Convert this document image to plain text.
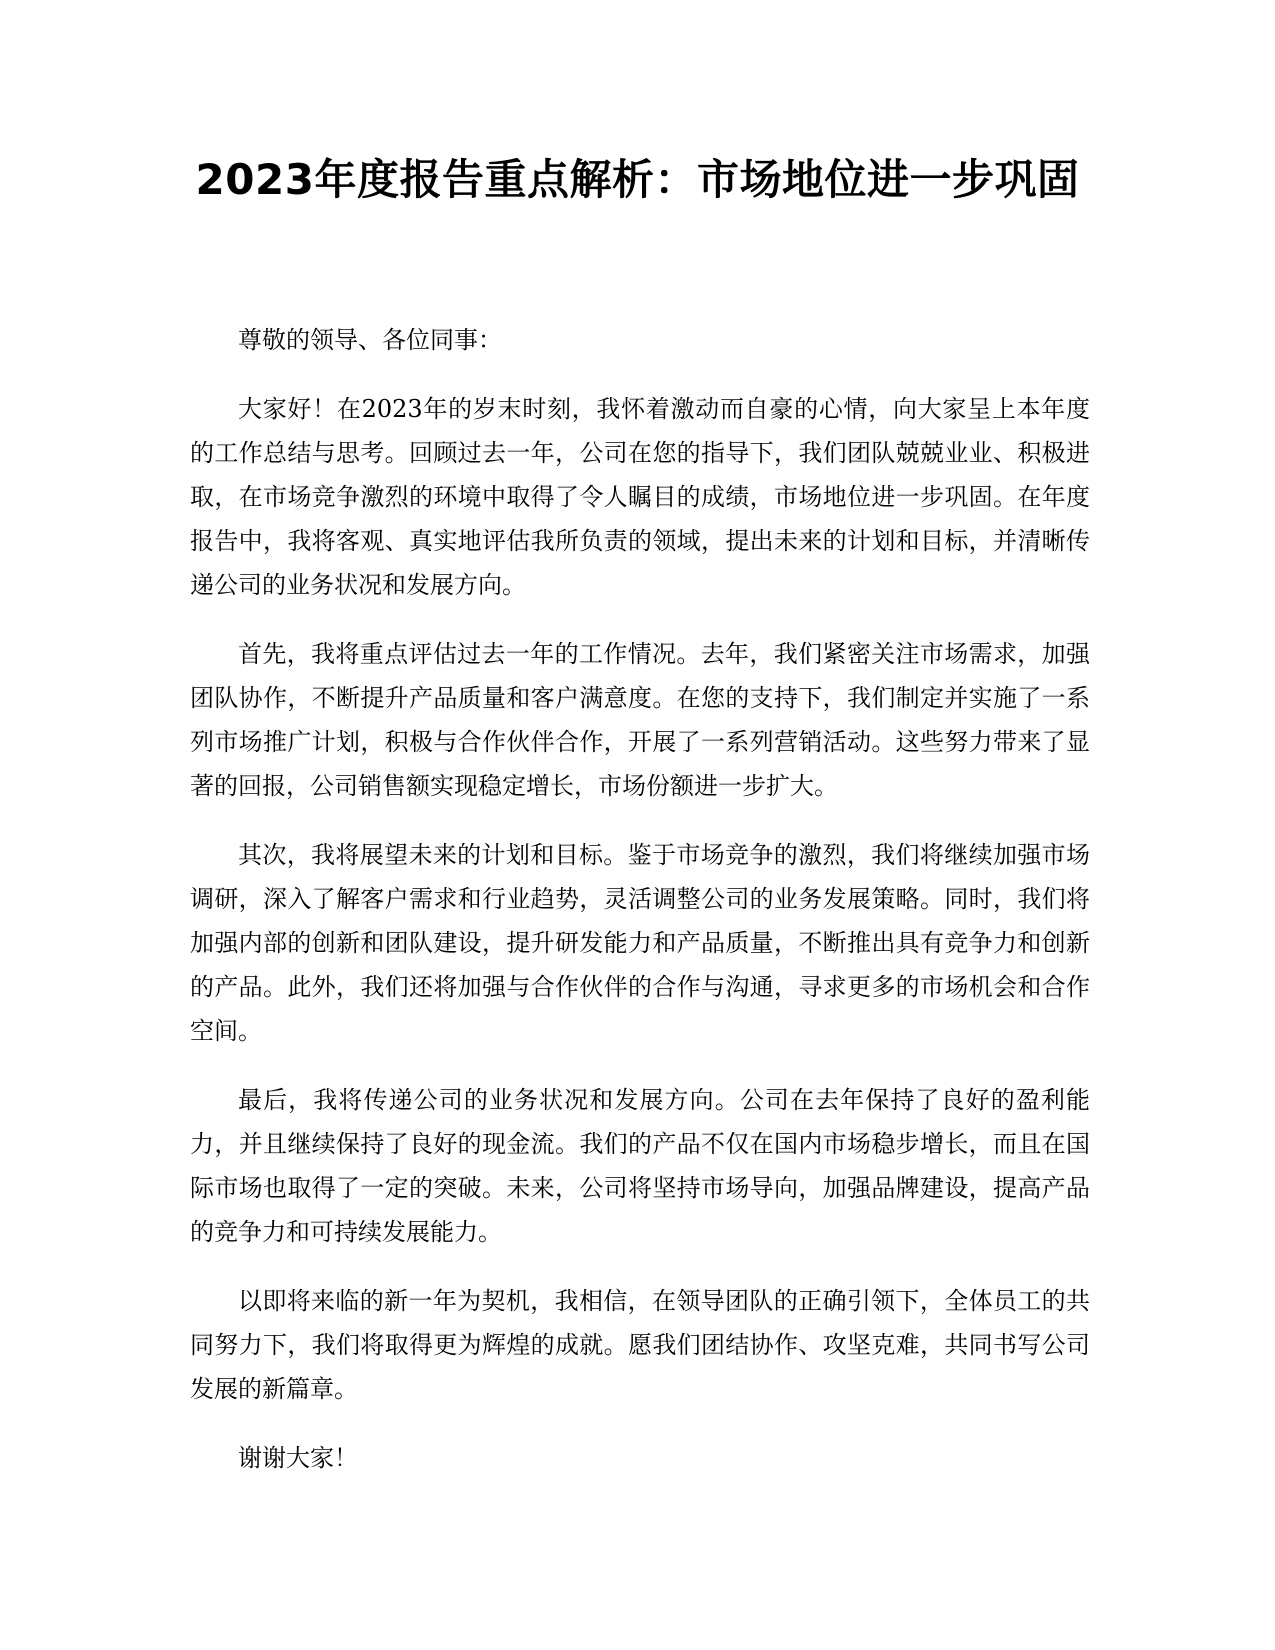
2023年度报告重点解析：市场地位进一步巩固

尊敬的领导、各位同事：

大家好！在2023年的岁末时刻，我怀着激动而自豪的心情，向大家呈上本年度的工作总结与思考。回顾过去一年，公司在您的指导下，我们团队兢兢业业、积极进取，在市场竞争激烈的环境中取得了令人瞩目的成绩，市场地位进一步巩固。在年度报告中，我将客观、真实地评估我所负责的领域，提出未来的计划和目标，并清晰传递公司的业务状况和发展方向。

首先，我将重点评估过去一年的工作情况。去年，我们紧密关注市场需求，加强团队协作，不断提升产品质量和客户满意度。在您的支持下，我们制定并实施了一系列市场推广计划，积极与合作伙伴合作，开展了一系列营销活动。这些努力带来了显著的回报，公司销售额实现稳定增长，市场份额进一步扩大。

其次，我将展望未来的计划和目标。鉴于市场竞争的激烈，我们将继续加强市场调研，深入了解客户需求和行业趋势，灵活调整公司的业务发展策略。同时，我们将加强内部的创新和团队建设，提升研发能力和产品质量，不断推出具有竞争力和创新的产品。此外，我们还将加强与合作伙伴的合作与沟通，寻求更多的市场机会和合作空间。

最后，我将传递公司的业务状况和发展方向。公司在去年保持了良好的盈利能力，并且继续保持了良好的现金流。我们的产品不仅在国内市场稳步增长，而且在国际市场也取得了一定的突破。未来，公司将坚持市场导向，加强品牌建设，提高产品的竞争力和可持续发展能力。

以即将来临的新一年为契机，我相信，在领导团队的正确引领下，全体员工的共同努力下，我们将取得更为辉煌的成就。愿我们团结协作、攻坚克难，共同书写公司发展的新篇章。

谢谢大家！
